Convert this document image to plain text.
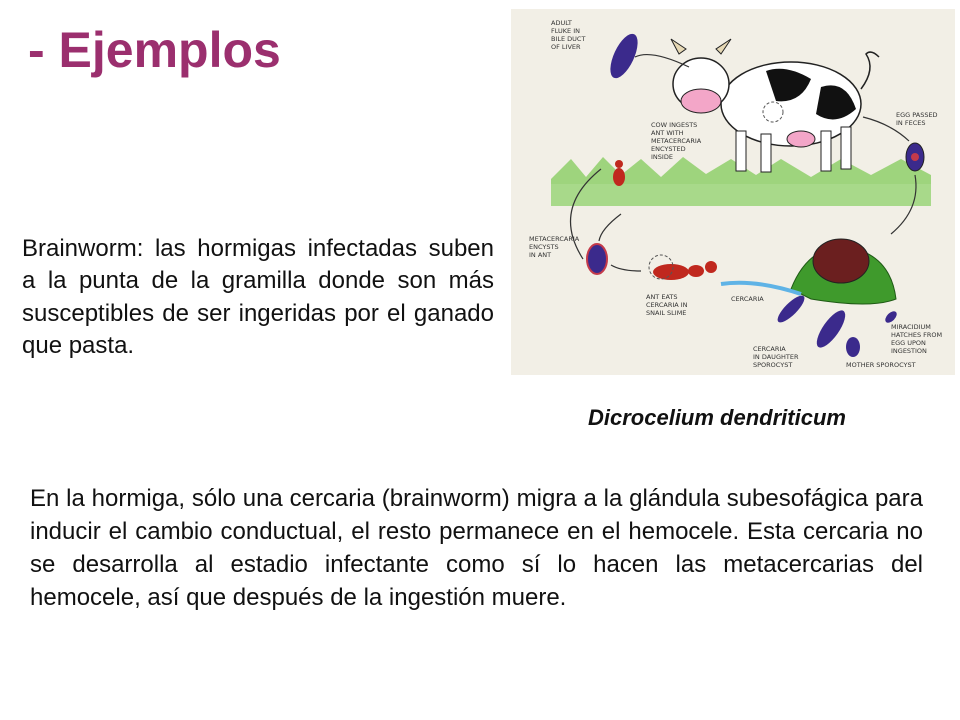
- Ejemplos

Brainworm: las hormigas infectadas suben a la punta de la gramilla donde son más susceptibles de ser ingeridas por el ganado que pasta.

ADULT
FLUKE IN
BILE DUCT
OF LIVER
EGG PASSED
IN FECES
COW INGESTS
ANT WITH
METACERCARIA
ENCYSTED
INSIDE
METACERCARIA
ENCYSTS
IN ANT
ANT EATS
CERCARIA IN
SNAIL SLIME
CERCARIA
CERCARIA
IN DAUGHTER
SPOROCYST	MOTHER SPOROCYST
MIRACIDIUM
HATCHES FROM
EGG UPON
INGESTION

Dicrocelium dendriticum

En la hormiga, sólo una cercaria (brainworm) migra a la glándula subesofágica para inducir el cambio conductual, el resto permanece en el hemocele. Esta cercaria no se desarrolla al estadio infectante como sí lo hacen las metacercarias del hemocele, así que después de la ingestión muere.
